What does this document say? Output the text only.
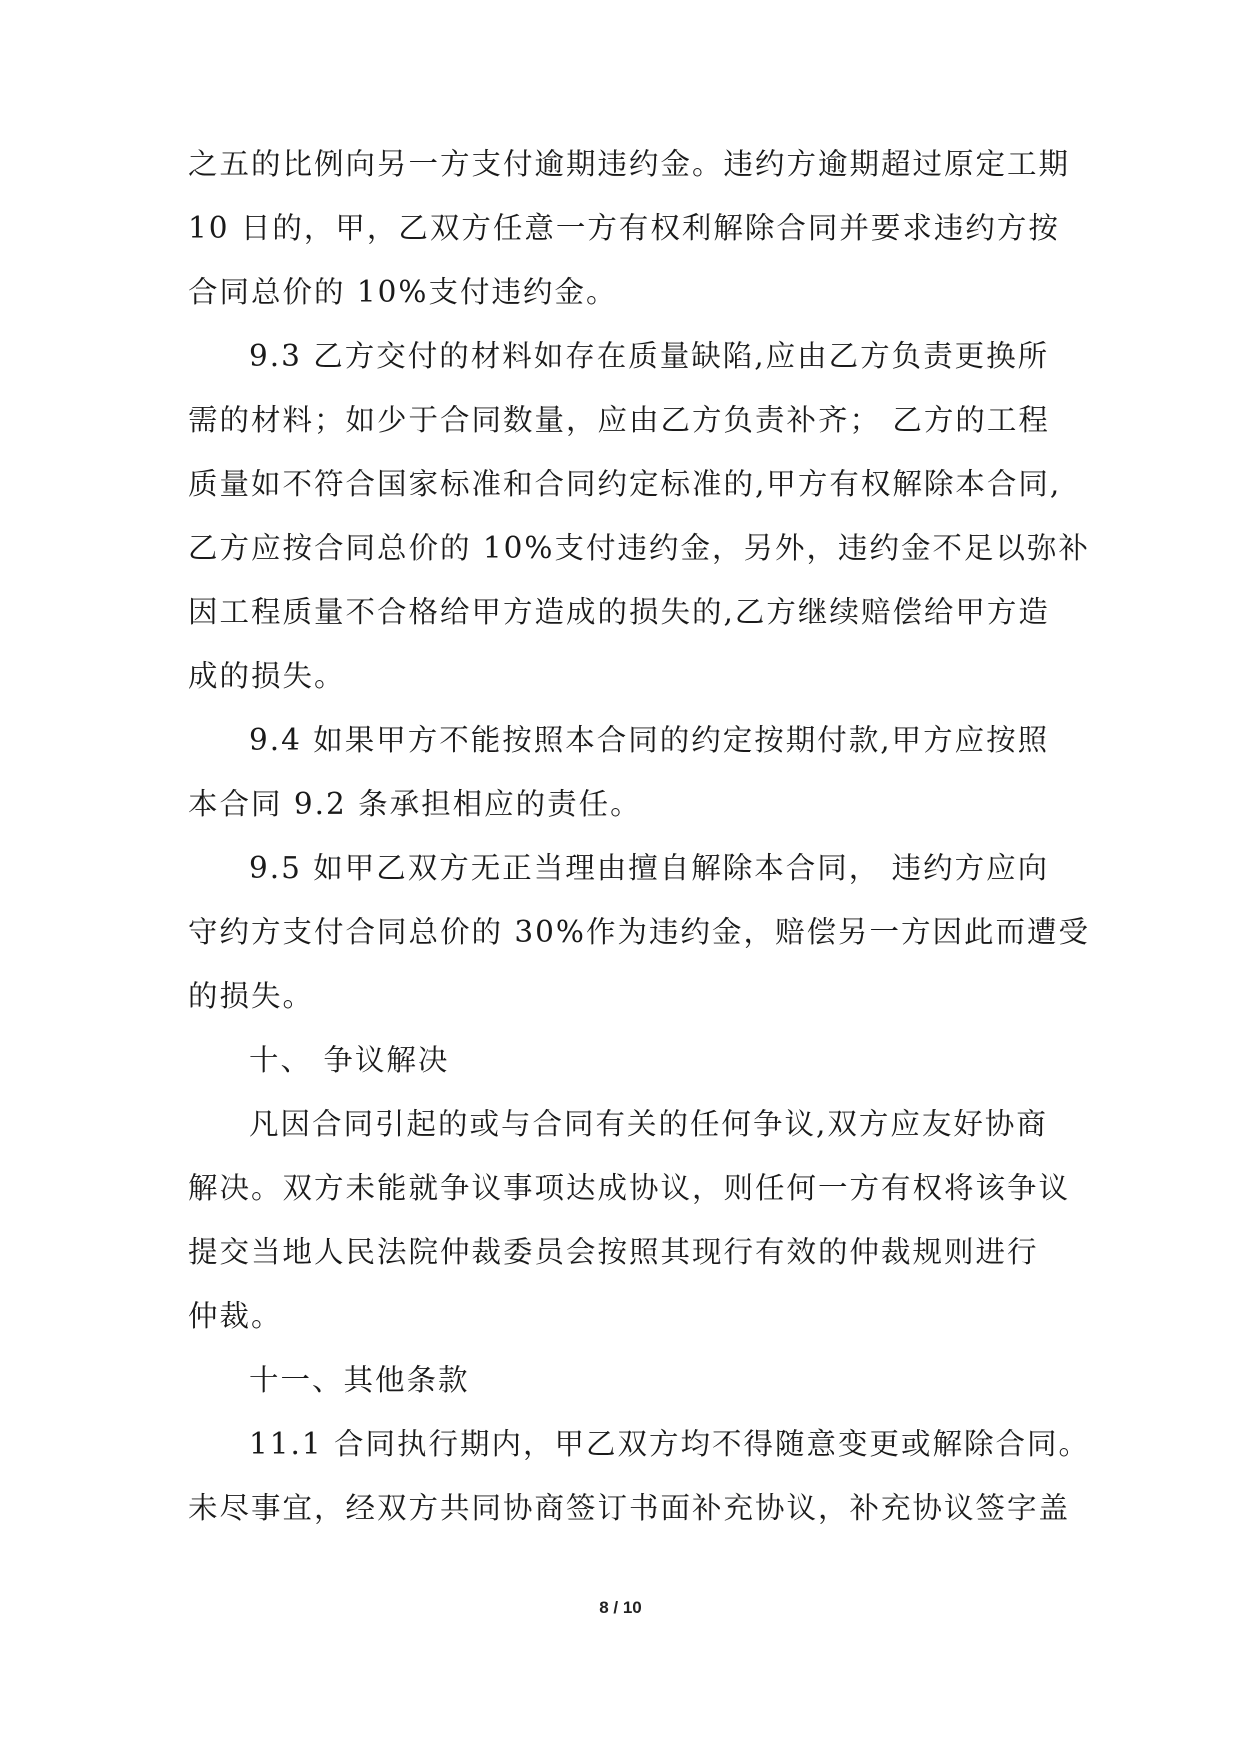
之五的比例向另一方支付逾期违约金。违约方逾期超过原定工期
10 日的，甲，乙双方任意一方有权利解除合同并要求违约方按
合同总价的 10%支付违约金。
9.3 乙方交付的材料如存在质量缺陷,应由乙方负责更换所
需的材料；如少于合同数量，应由乙方负责补齐； 乙方的工程
质量如不符合国家标准和合同约定标准的,甲方有权解除本合同,
乙方应按合同总价的 10%支付违约金，另外，违约金不足以弥补
因工程质量不合格给甲方造成的损失的,乙方继续赔偿给甲方造
成的损失。
9.4 如果甲方不能按照本合同的约定按期付款,甲方应按照
本合同 9.2 条承担相应的责任。
9.5 如甲乙双方无正当理由擅自解除本合同， 违约方应向
守约方支付合同总价的 30%作为违约金，赔偿另一方因此而遭受
的损失。
十、 争议解决
凡因合同引起的或与合同有关的任何争议,双方应友好协商
解决。双方未能就争议事项达成协议，则任何一方有权将该争议
提交当地人民法院仲裁委员会按照其现行有效的仲裁规则进行
仲裁。
十一、其他条款
11.1 合同执行期内，甲乙双方均不得随意变更或解除合同。
未尽事宜，经双方共同协商签订书面补充协议，补充协议签字盖
8 / 10
